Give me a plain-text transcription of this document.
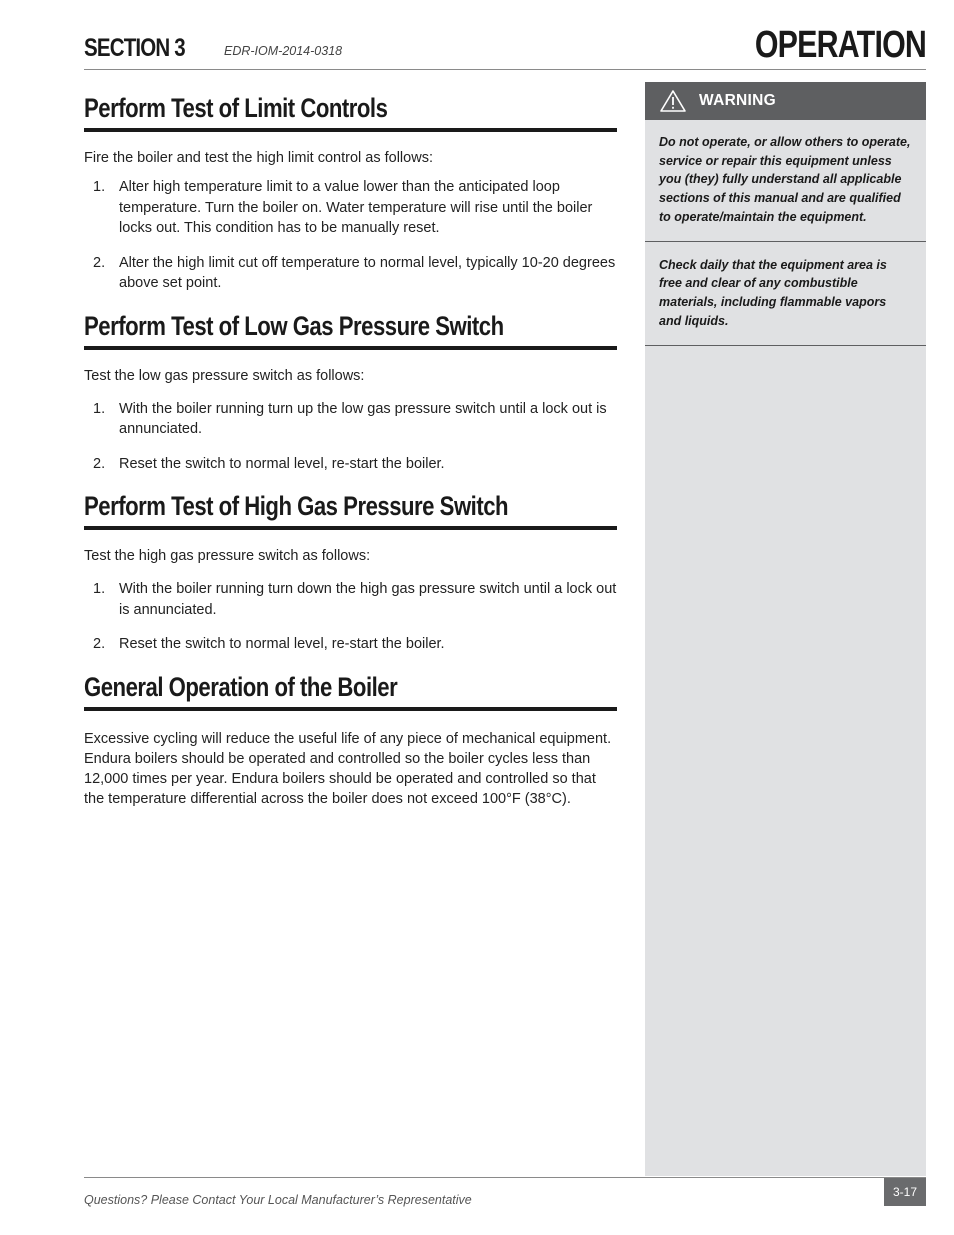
SECTION 3	EDR-IOM-2014-0318	OPERATION
Perform Test of Limit Controls

Fire the boiler and test the high limit control as follows:

1. Alter high temperature limit to a value lower than the anticipated loop temperature. Turn the boiler on. Water temperature will rise until the boiler locks out. This condition has to be manually reset.
2. Alter the high limit cut off temperature to normal level, typically 10-20 degrees above set point.
Perform Test of Low Gas Pressure Switch

Test the low gas pressure switch as follows:

1. With the boiler running turn up the low gas pressure switch until a lock out is annunciated.
2. Reset the switch to normal level, re-start the boiler.
Perform Test of High Gas Pressure Switch

Test the high gas pressure switch as follows:

1. With the boiler running turn down the high gas pressure switch until a lock out is annunciated.
2. Reset the switch to normal level, re-start the boiler.
General Operation of the Boiler

Excessive cycling will reduce the useful life of any piece of mechanical equipment. Endura boilers should be operated and controlled so the boiler cycles less than 12,000 times per year. Endura boilers should be operated and controlled so that the temperature differential across the boiler does not exceed 100°F (38°C).

WARNING

Do not operate, or allow others to operate, service or repair this equipment unless you (they) fully understand all applicable sections of this manual and are qualified to operate/maintain the equipment.

Check daily that the equipment area is free and clear of any combustible materials, including flammable vapors and liquids.

Questions? Please Contact Your Local Manufacturer’s Representative
3-17
